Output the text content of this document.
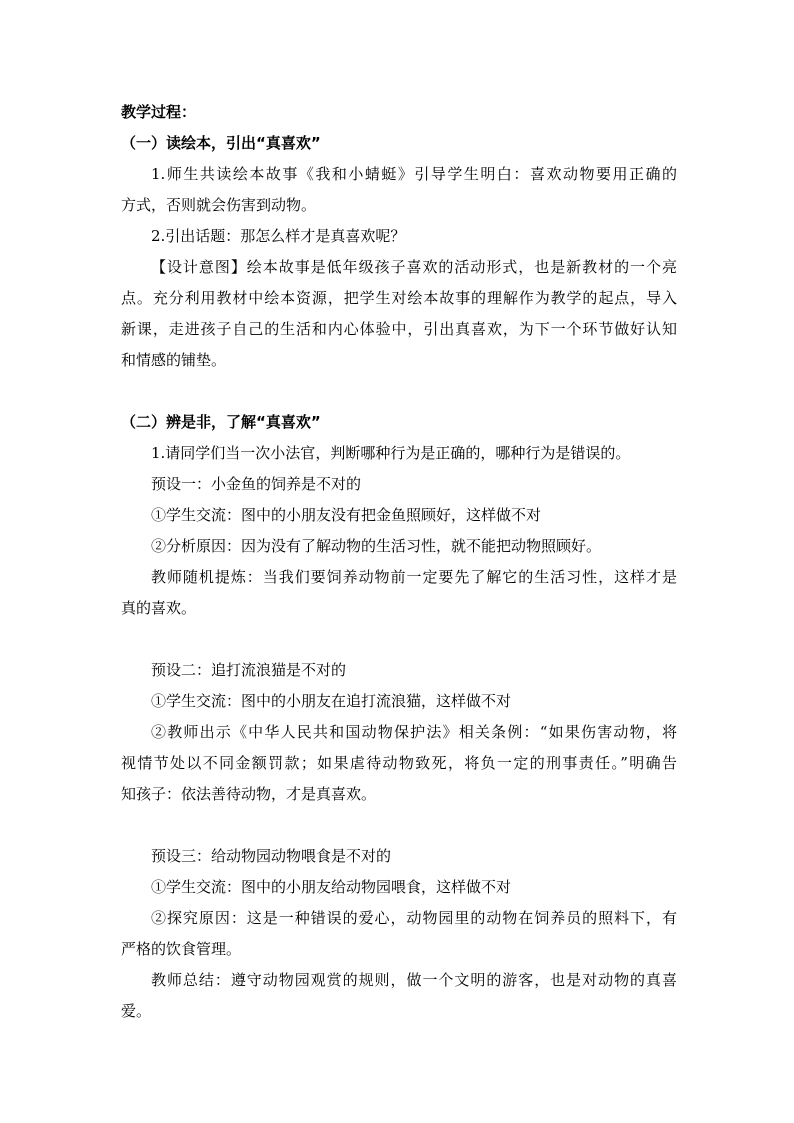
教学过程：

（一）读绘本，引出“真喜欢”

1.师生共读绘本故事《我和小蜻蜓》引导学生明白：喜欢动物要用正确的

方式，否则就会伤害到动物。

2.引出话题：那怎么样才是真喜欢呢？

【设计意图】绘本故事是低年级孩子喜欢的活动形式，也是新教材的一个亮

点。充分利用教材中绘本资源，把学生对绘本故事的理解作为教学的起点，导入

新课，走进孩子自己的生活和内心体验中，引出真喜欢，为下一个环节做好认知

和情感的铺垫。

（二）辨是非，了解“真喜欢”

1.请同学们当一次小法官，判断哪种行为是正确的，哪种行为是错误的。

预设一：小金鱼的饲养是不对的

①学生交流：图中的小朋友没有把金鱼照顾好，这样做不对

②分析原因：因为没有了解动物的生活习性，就不能把动物照顾好。

教师随机提炼：当我们要饲养动物前一定要先了解它的生活习性，这样才是

真的喜欢。

预设二：追打流浪猫是不对的

①学生交流：图中的小朋友在追打流浪猫，这样做不对

②教师出示《中华人民共和国动物保护法》相关条例：“如果伤害动物，将

视情节处以不同金额罚款；如果虐待动物致死，将负一定的刑事责任。”明确告

知孩子：依法善待动物，才是真喜欢。

预设三：给动物园动物喂食是不对的

①学生交流：图中的小朋友给动物园喂食，这样做不对

②探究原因：这是一种错误的爱心，动物园里的动物在饲养员的照料下，有

严格的饮食管理。

教师总结：遵守动物园观赏的规则，做一个文明的游客，也是对动物的真喜

爱。
